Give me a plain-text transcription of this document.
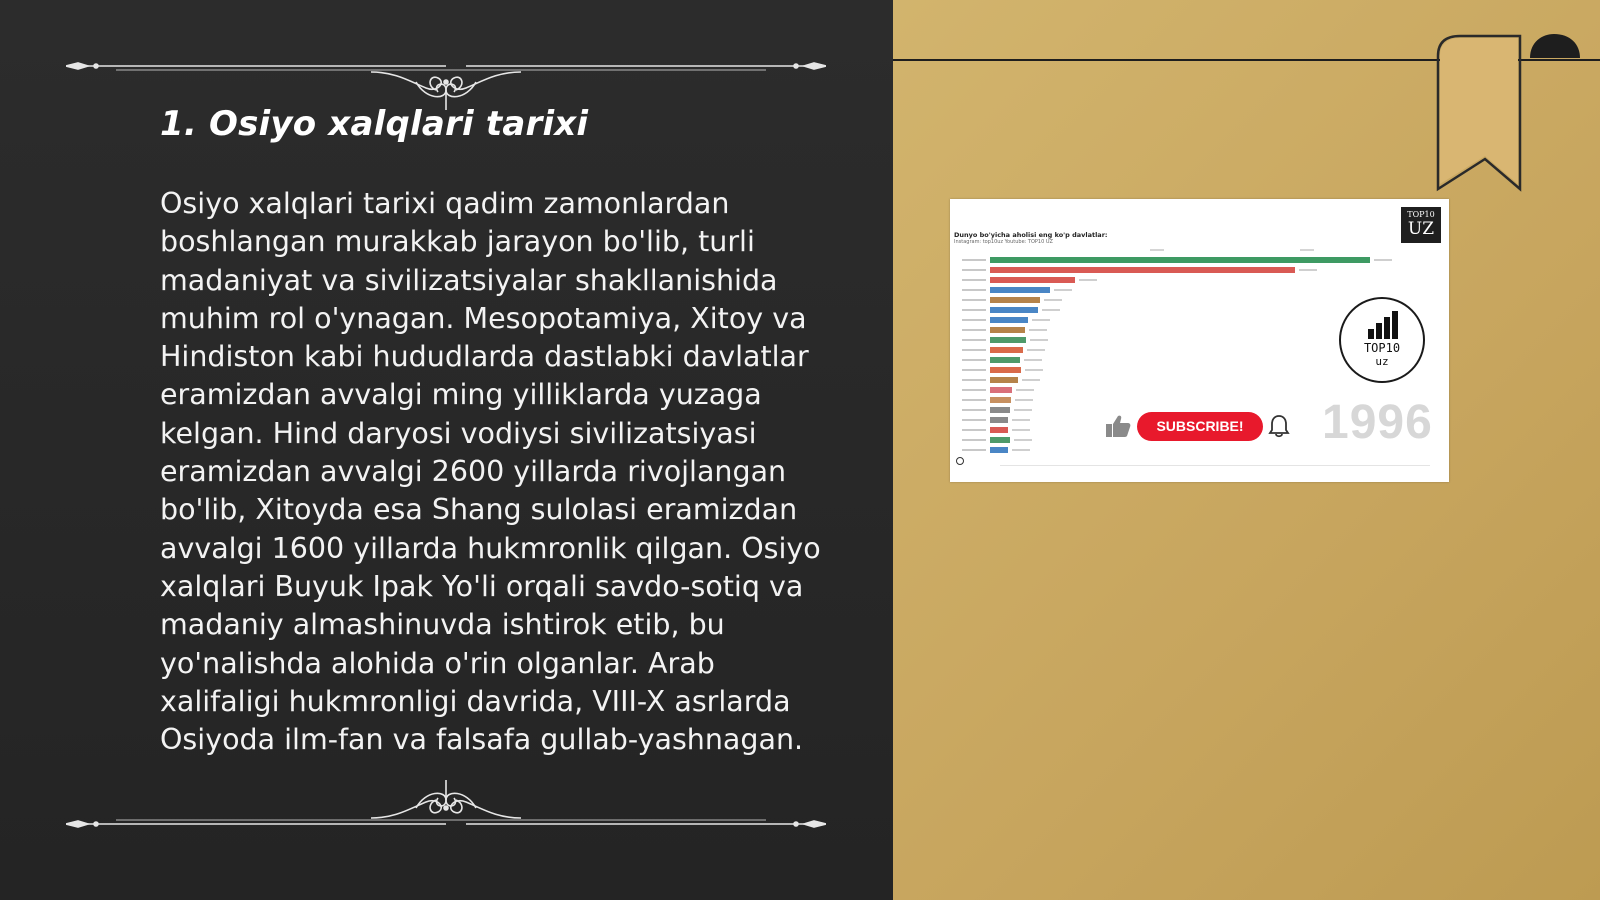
1. Osiyo xalqlari tarixi

Osiyo xalqlari tarixi qadim zamonlardan boshlangan murakkab jarayon bo'lib, turli madaniyat va sivilizatsiyalar shakllanishida muhim rol o'ynagan. Mesopotamiya, Xitoy va Hindiston kabi hududlarda dastlabki davlatlar eramizdan avvalgi ming yilliklarda yuzaga kelgan. Hind daryosi vodiysi sivilizatsiyasi eramizdan avvalgi 2600 yillarda rivojlangan bo'lib, Xitoyda esa Shang sulolasi eramizdan avvalgi 1600 yillarda hukmronlik qilgan. Osiyo xalqlari Buyuk Ipak Yo'li orqali savdo-sotiq va madaniy almashinuvda ishtirok etib, bu yo'nalishda alohida o'rin olganlar. Arab xalifaligi hukmronligi davrida, VIII-X asrlarda Osiyoda ilm-fan va falsafa gullab-yashnagan.

Dunyo bo'yicha aholisi eng ko'p davlatlar:
Instagram: top10uz Youtube: TOP10 UZ
TOP10
UZ
TOP10
uz
SUBSCRIBE!	1996
